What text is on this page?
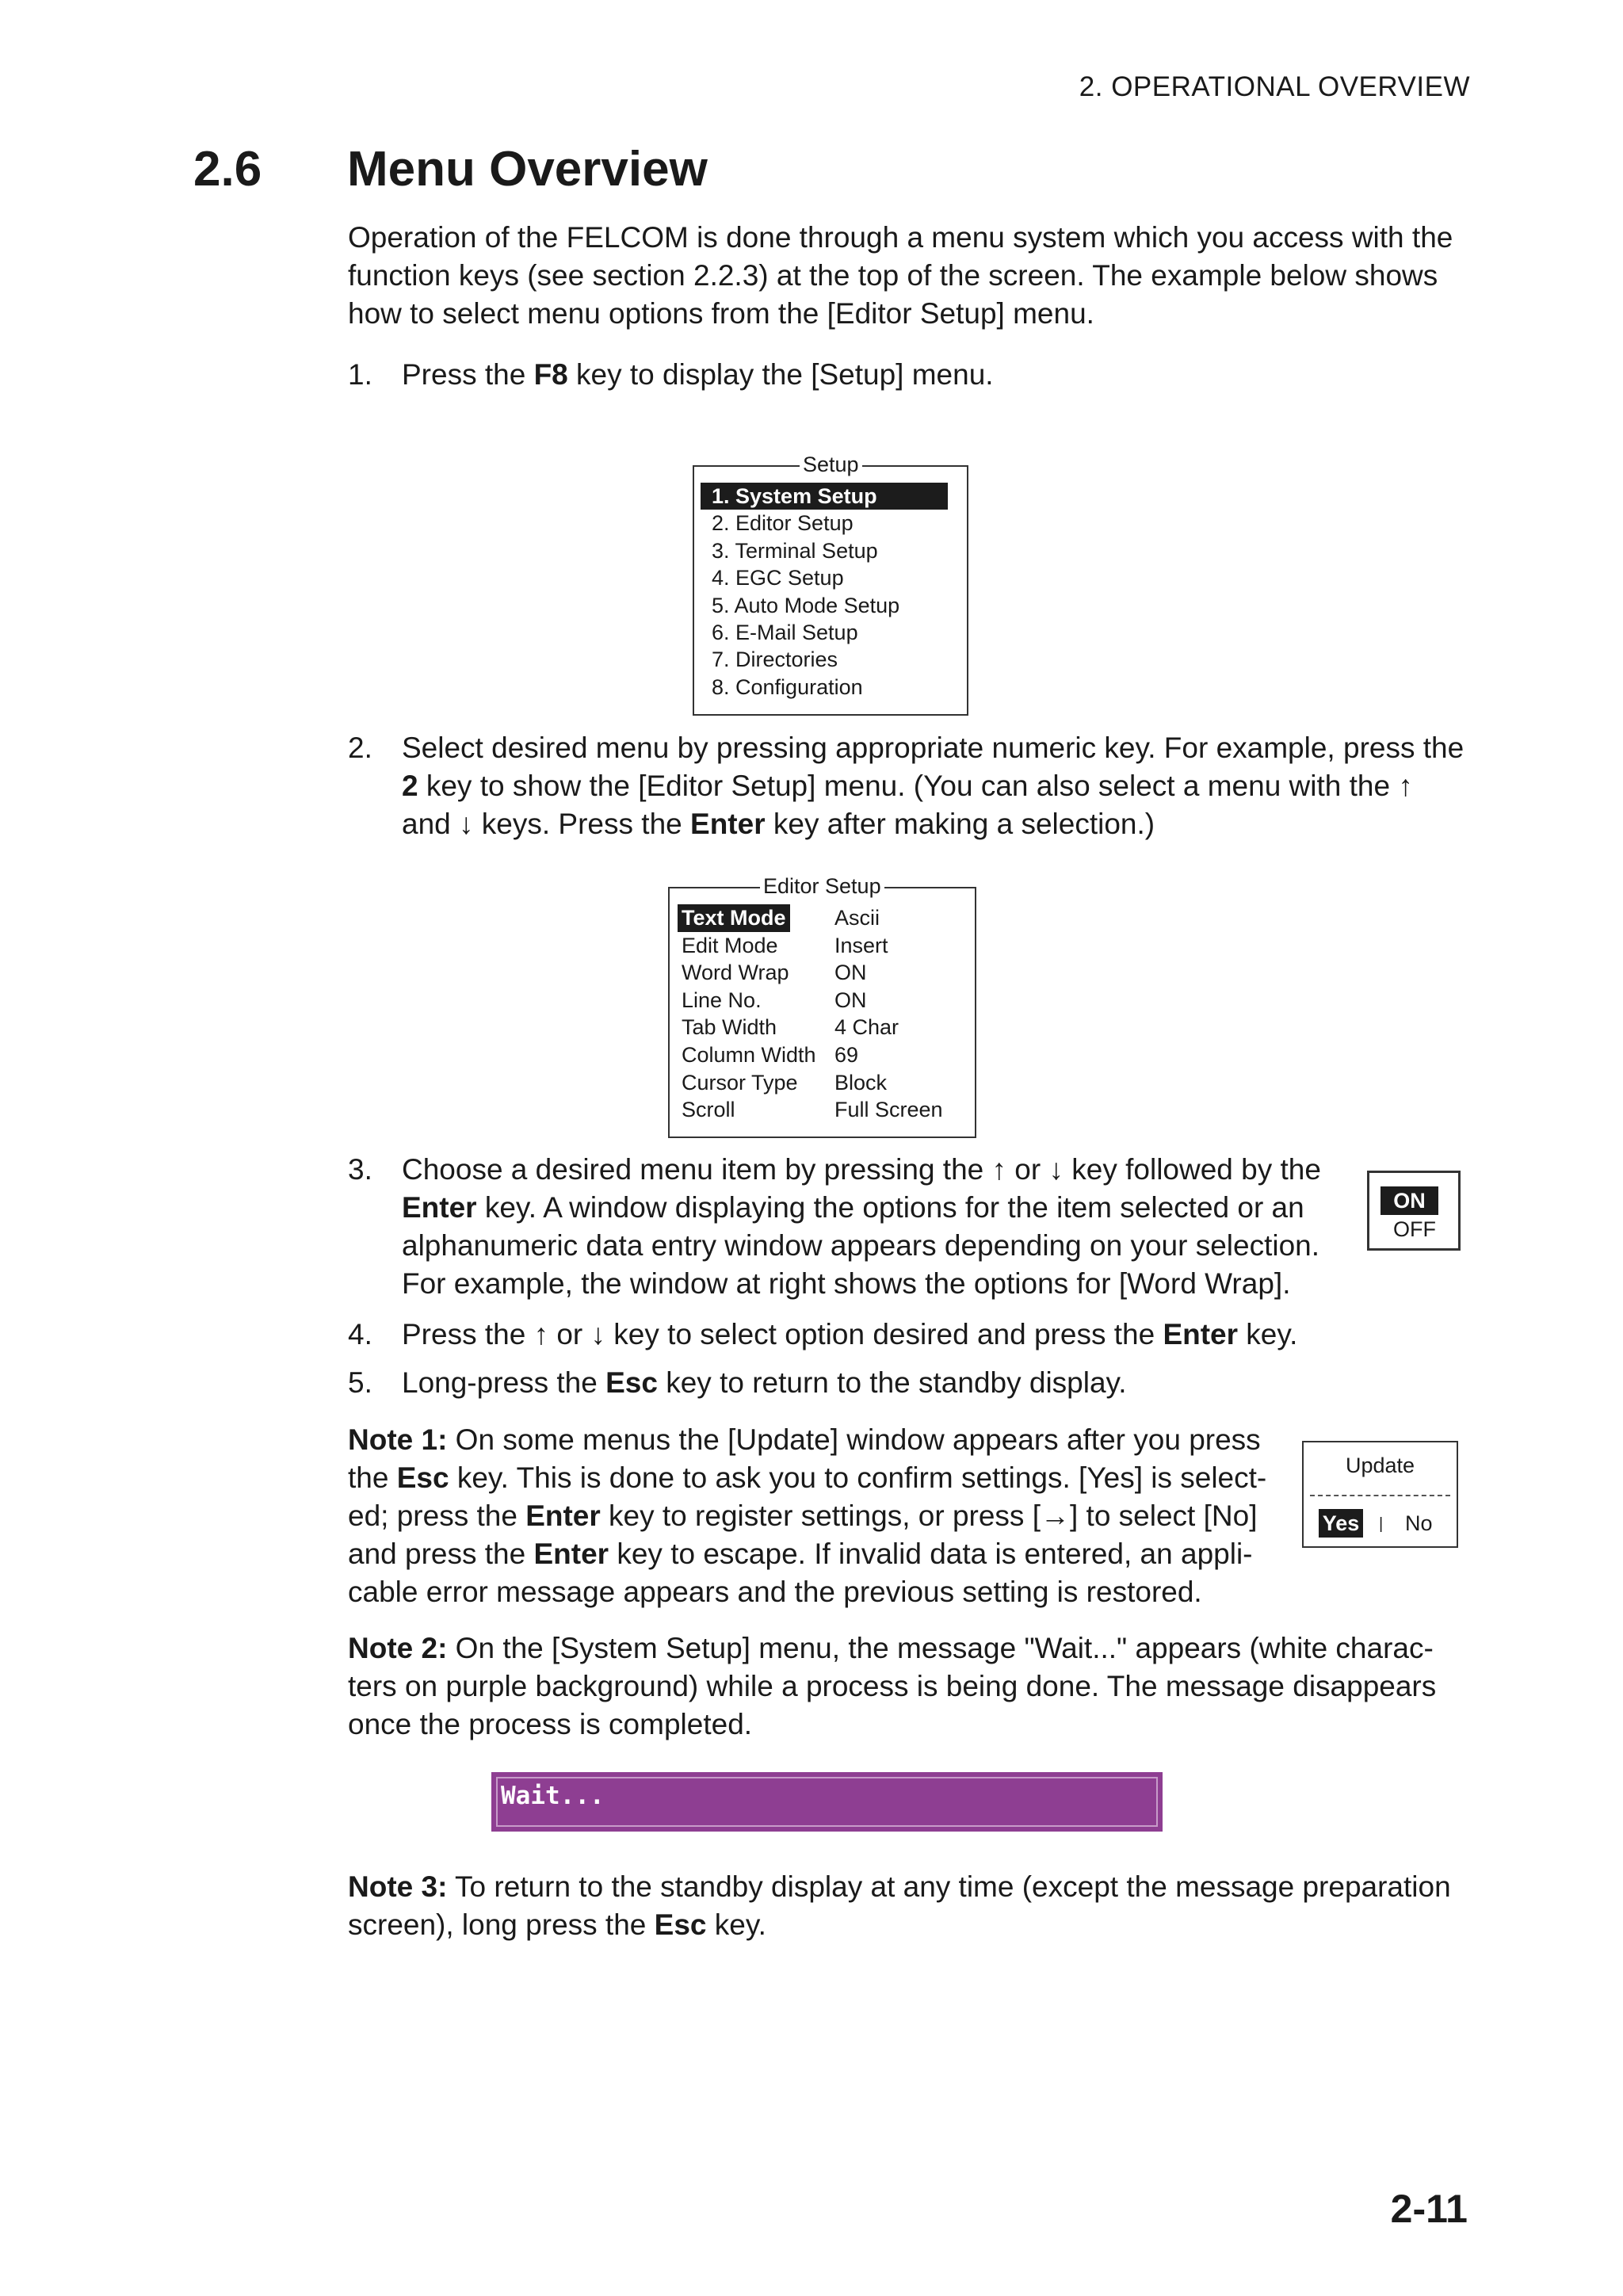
2. OPERATIONAL OVERVIEW
2.6 Menu Overview
Operation of the FELCOM is done through a menu system which you access with the
function keys (see section 2.2.3) at the top of the screen. The example below shows
how to select menu options from the [Editor Setup] menu.
1. Press the F8 key to display the [Setup] menu.
Setup
1. System Setup
2. Editor Setup
3. Terminal Setup
4. EGC Setup
5. Auto Mode Setup
6. E-Mail Setup
7. Directories
8. Configuration
2. Select desired menu by pressing appropriate numeric key. For example, press the
2 key to show the [Editor Setup] menu. (You can also select a menu with the ↑
and ↓ keys. Press the Enter key after making a selection.)
Editor Setup
Text Mode Ascii
Edit Mode	Insert
Word Wrap ON
Line No.	ON
Tab Width	4 Char
Column Width 69
Cursor Type Block
Scroll	Full Screen
3. Choose a desired menu item by pressing the ↑ or ↓ key followed by the
Enter key. A window displaying the options for the item selected or an
alphanumeric data entry window appears depending on your selection.
For example, the window at right shows the options for [Word Wrap].
ON
OFF
4. Press the ↑ or ↓ key to select option desired and press the Enter key.
5. Long-press the Esc key to return to the standby display.
Note 1: On some menus the [Update] window appears after you press
the Esc key. This is done to ask you to confirm settings. [Yes] is select-
ed; press the Enter key to register settings, or press [→] to select [No]
and press the Enter key to escape. If invalid data is entered, an appli-
cable error message appears and the previous setting is restored.
Update
Yes | No
Note 2: On the [System Setup] menu, the message "Wait..." appears (white charac-
ters on purple background) while a process is being done. The message disappears
once the process is completed.
Wait...
Note 3: To return to the standby display at any time (except the message preparation
screen), long press the Esc key.
2-11
